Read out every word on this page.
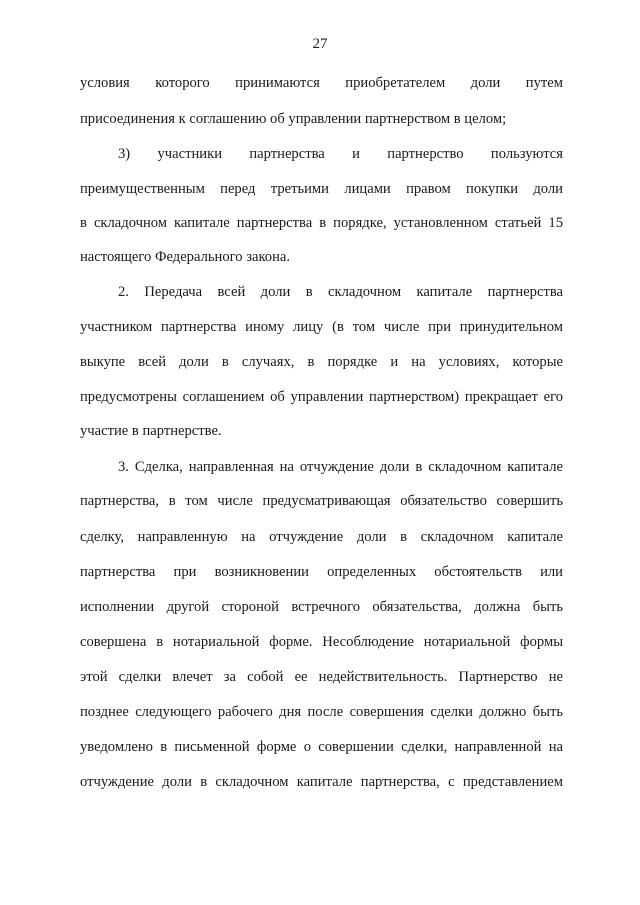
27
условия которого принимаются приобретателем доли путем
присоединения к соглашению об управлении партнерством в целом;
3) участники партнерства и партнерство пользуются
преимущественным перед третьими лицами правом покупки доли
в складочном капитале партнерства в порядке, установленном статьей 15
настоящего Федерального закона.
2. Передача всей доли в складочном капитале партнерства
участником партнерства иному лицу (в том числе при принудительном
выкупе всей доли в случаях, в порядке и на условиях, которые
предусмотрены соглашением об управлении партнерством) прекращает его
участие в партнерстве.
3. Сделка, направленная на отчуждение доли в складочном капитале
партнерства, в том числе предусматривающая обязательство совершить
сделку, направленную на отчуждение доли в складочном капитале
партнерства при возникновении определенных обстоятельств или
исполнении другой стороной встречного обязательства, должна быть
совершена в нотариальной форме. Несоблюдение нотариальной формы
этой сделки влечет за собой ее недействительность. Партнерство не
позднее следующего рабочего дня после совершения сделки должно быть
уведомлено в письменной форме о совершении сделки, направленной на
отчуждение доли в складочном капитале партнерства, с представлением
